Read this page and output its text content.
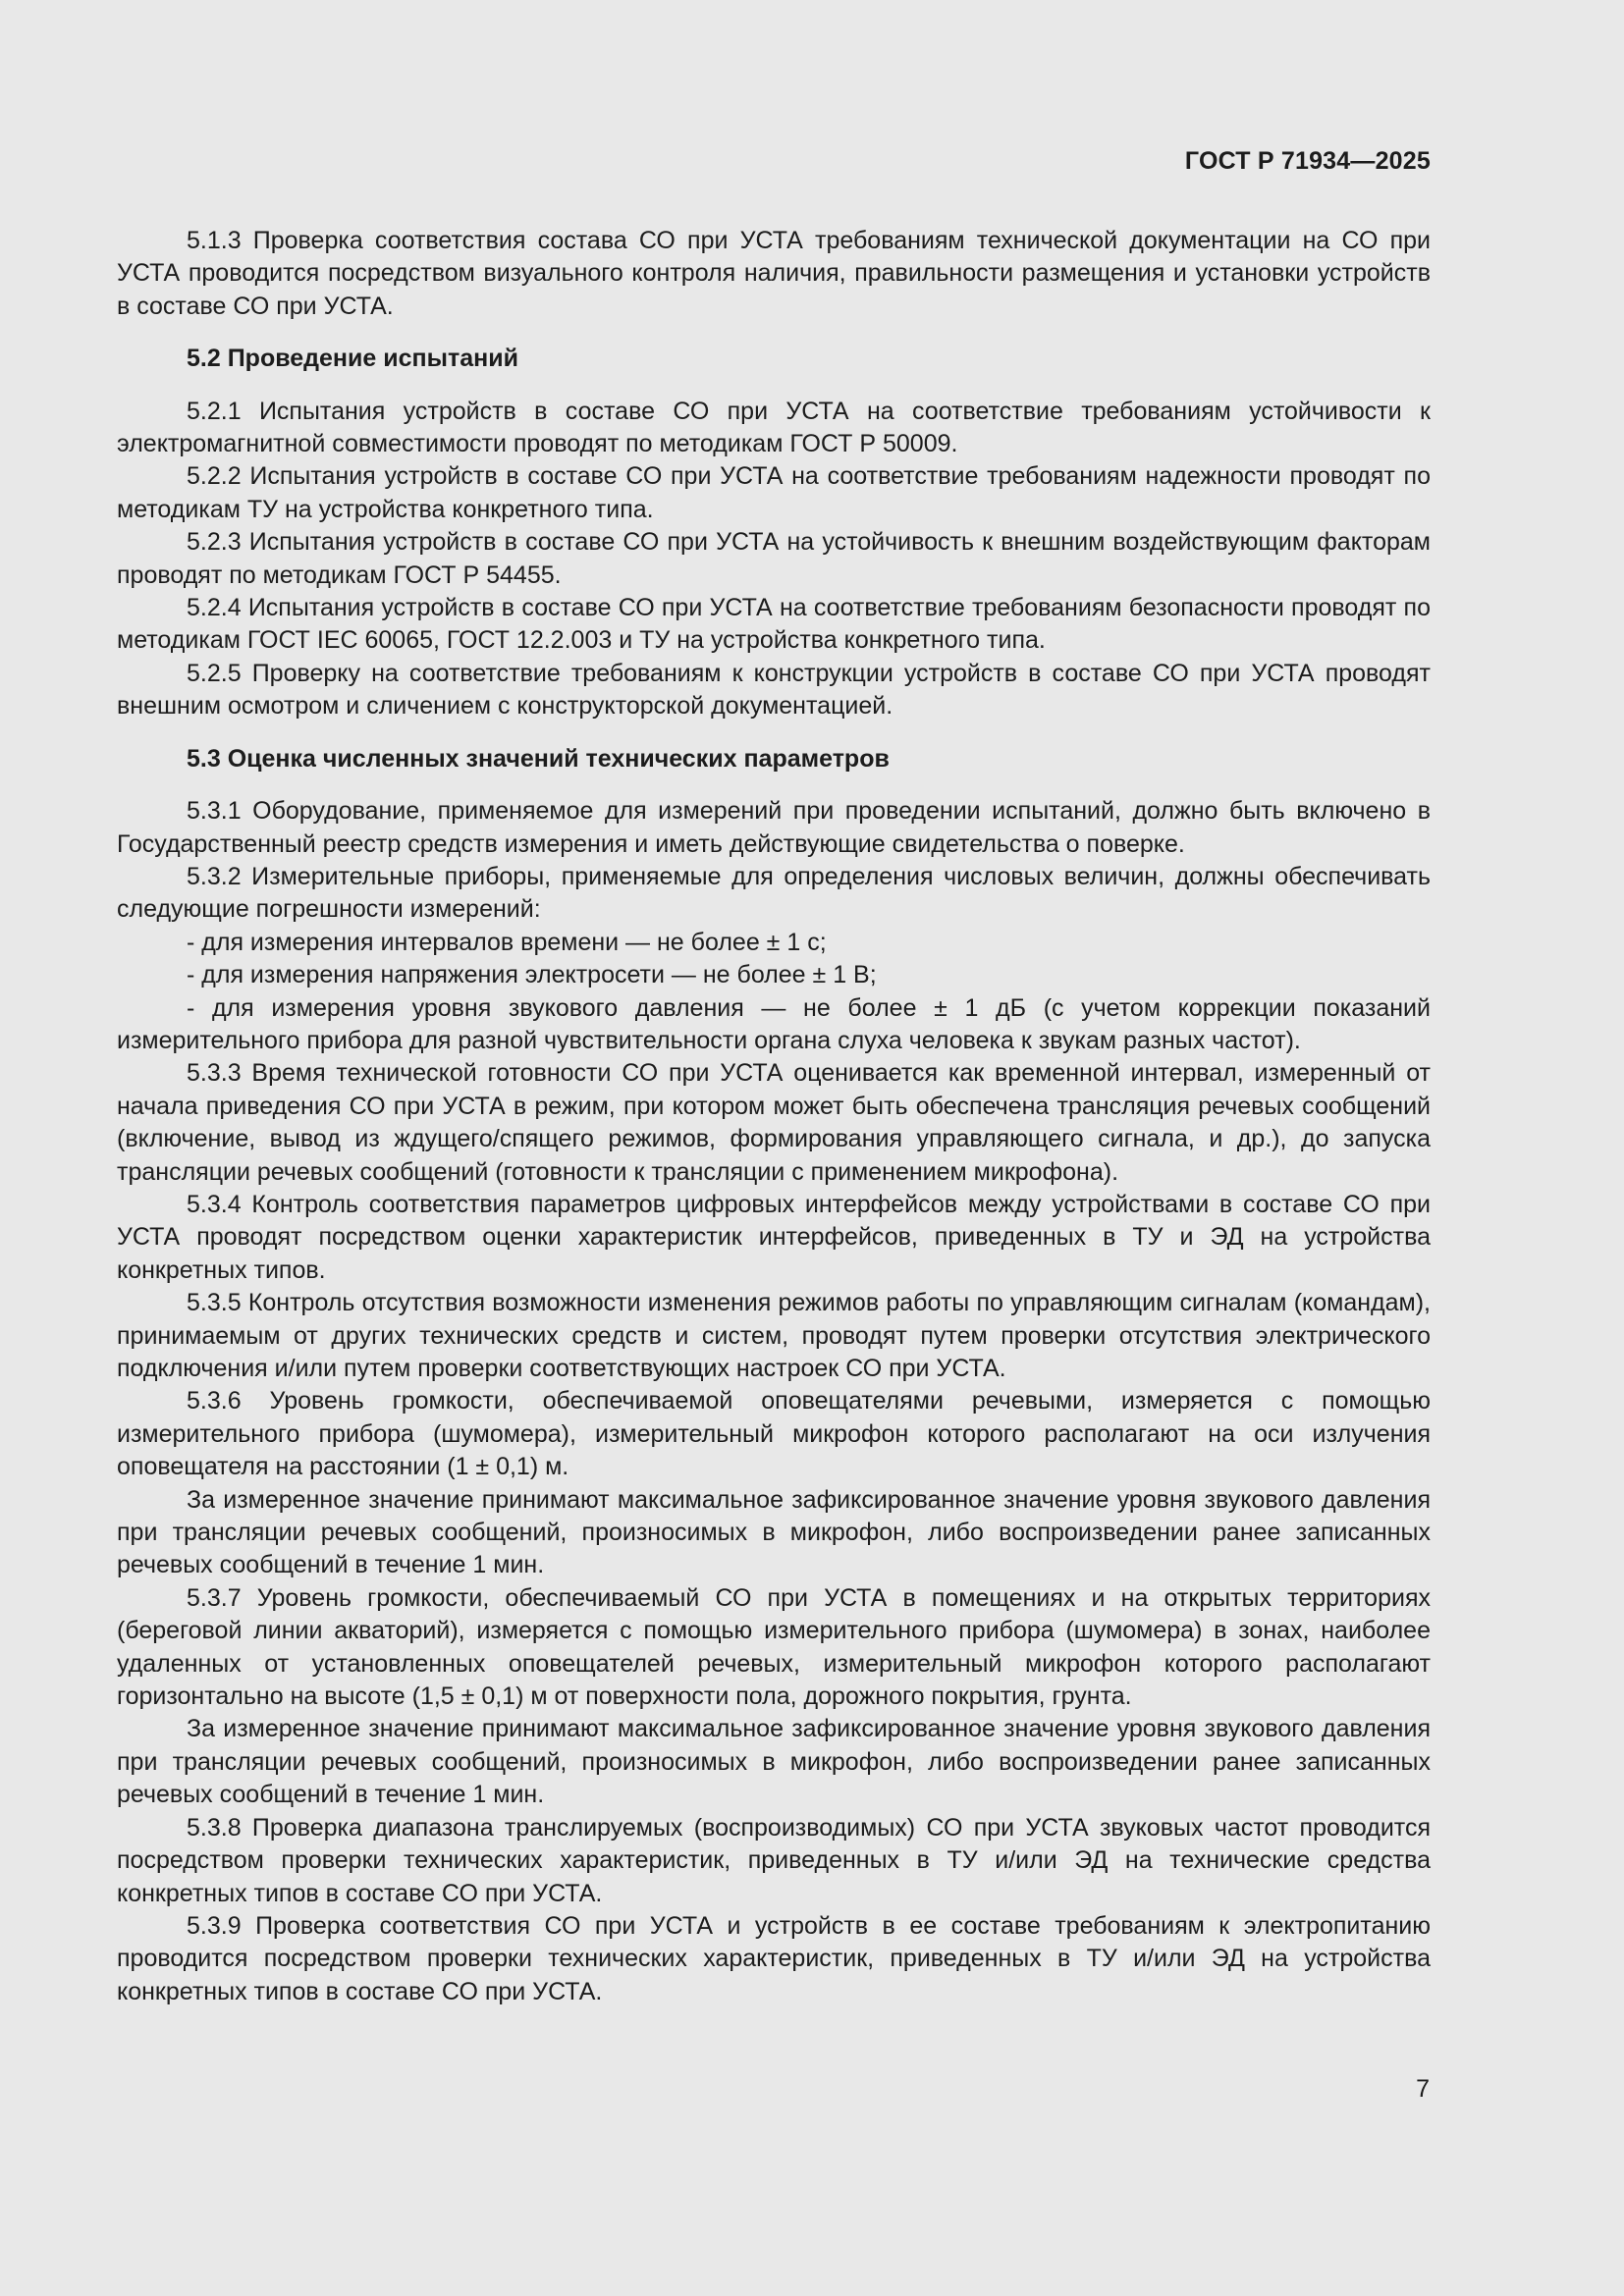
ГОСТ Р 71934—2025

5.1.3 Проверка соответствия состава СО при УСТА требованиям технической документации на СО при УСТА проводится посредством визуального контроля наличия, правильности размещения и установки устройств в составе СО при УСТА.

5.2 Проведение испытаний

5.2.1 Испытания устройств в составе СО при УСТА на соответствие требованиям устойчивости к электромагнитной совместимости проводят по методикам ГОСТ Р 50009.

5.2.2 Испытания устройств в составе СО при УСТА на соответствие требованиям надежности проводят по методикам ТУ на устройства конкретного типа.

5.2.3 Испытания устройств в составе СО при УСТА на устойчивость к внешним воздействующим факторам проводят по методикам ГОСТ Р 54455.

5.2.4 Испытания устройств в составе СО при УСТА на соответствие требованиям безопасности проводят по методикам ГОСТ IEC 60065, ГОСТ 12.2.003 и ТУ на устройства конкретного типа.

5.2.5 Проверку на соответствие требованиям к конструкции устройств в составе СО при УСТА проводят внешним осмотром и сличением с конструкторской документацией.

5.3 Оценка численных значений технических параметров

5.3.1 Оборудование, применяемое для измерений при проведении испытаний, должно быть включено в Государственный реестр средств измерения и иметь действующие свидетельства о поверке.

5.3.2 Измерительные приборы, применяемые для определения числовых величин, должны обеспечивать следующие погрешности измерений:

- для измерения интервалов времени — не более ± 1 с;

- для измерения напряжения электросети — не более ± 1 В;

- для измерения уровня звукового давления — не более ± 1 дБ (с учетом коррекции показаний измерительного прибора для разной чувствительности органа слуха человека к звукам разных частот).

5.3.3 Время технической готовности СО при УСТА оценивается как временной интервал, измеренный от начала приведения СО при УСТА в режим, при котором может быть обеспечена трансляция речевых сообщений (включение, вывод из ждущего/спящего режимов, формирования управляющего сигнала, и др.), до запуска трансляции речевых сообщений (готовности к трансляции с применением микрофона).

5.3.4 Контроль соответствия параметров цифровых интерфейсов между устройствами в составе СО при УСТА проводят посредством оценки характеристик интерфейсов, приведенных в ТУ и ЭД на устройства конкретных типов.

5.3.5 Контроль отсутствия возможности изменения режимов работы по управляющим сигналам (командам), принимаемым от других технических средств и систем, проводят путем проверки отсутствия электрического подключения и/или путем проверки соответствующих настроек СО при УСТА.

5.3.6 Уровень громкости, обеспечиваемой оповещателями речевыми, измеряется с помощью измерительного прибора (шумомера), измерительный микрофон которого располагают на оси излучения оповещателя на расстоянии (1 ± 0,1) м.

За измеренное значение принимают максимальное зафиксированное значение уровня звукового давления при трансляции речевых сообщений, произносимых в микрофон, либо воспроизведении ранее записанных речевых сообщений в течение 1 мин.

5.3.7 Уровень громкости, обеспечиваемый СО при УСТА в помещениях и на открытых территориях (береговой линии акваторий), измеряется с помощью измерительного прибора (шумомера) в зонах, наиболее удаленных от установленных оповещателей речевых, измерительный микрофон которого располагают горизонтально на высоте (1,5 ± 0,1) м от поверхности пола, дорожного покрытия, грунта.

За измеренное значение принимают максимальное зафиксированное значение уровня звукового давления при трансляции речевых сообщений, произносимых в микрофон, либо воспроизведении ранее записанных речевых сообщений в течение 1 мин.

5.3.8 Проверка диапазона транслируемых (воспроизводимых) СО при УСТА звуковых частот проводится посредством проверки технических характеристик, приведенных в ТУ и/или ЭД на технические средства конкретных типов в составе СО при УСТА.

5.3.9 Проверка соответствия СО при УСТА и устройств в ее составе требованиям к электропитанию проводится посредством проверки технических характеристик, приведенных в ТУ и/или ЭД на устройства конкретных типов в составе СО при УСТА.

7
